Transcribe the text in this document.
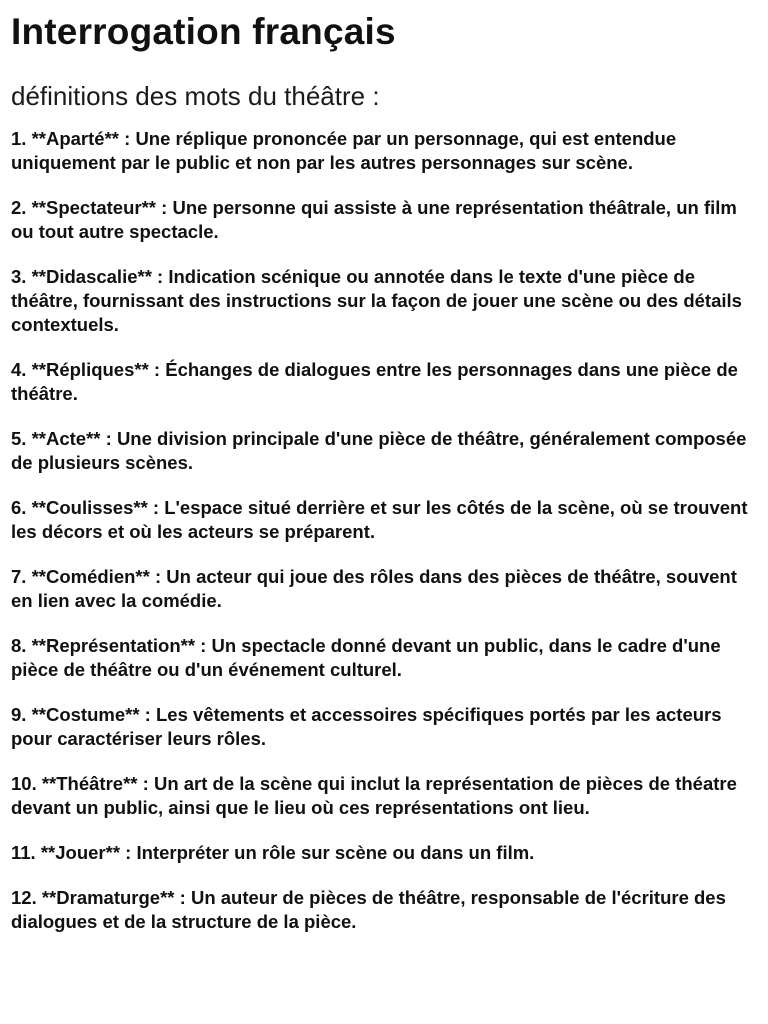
Interrogation français
définitions des mots du théâtre :
1. **Aparté** : Une réplique prononcée par un personnage, qui est entendue uniquement par le public et non par les autres personnages sur scène.
2. **Spectateur** : Une personne qui assiste à une représentation théâtrale, un film ou tout autre spectacle.
3. **Didascalie** : Indication scénique ou annotée dans le texte d'une pièce de théâtre, fournissant des instructions sur la façon de jouer une scène ou des détails contextuels.
4. **Répliques** : Échanges de dialogues entre les personnages dans une pièce de théâtre.
5. **Acte** : Une division principale d'une pièce de théâtre, généralement composée de plusieurs scènes.
6. **Coulisses** : L'espace situé derrière et sur les côtés de la scène, où se trouvent les décors et où les acteurs se préparent.
7. **Comédien** : Un acteur qui joue des rôles dans des pièces de théâtre, souvent en lien avec la comédie.
8. **Représentation** : Un spectacle donné devant un public, dans le cadre d'une pièce de théâtre ou d'un événement culturel.
9. **Costume** : Les vêtements et accessoires spécifiques portés par les acteurs pour caractériser leurs rôles.
10. **Théâtre** : Un art de la scène qui inclut la représentation de pièces de théatre devant un public, ainsi que le lieu où ces représentations ont lieu.
11. **Jouer** : Interpréter un rôle sur scène ou dans un film.
12. **Dramaturge** : Un auteur de pièces de théâtre, responsable de l'écriture des dialogues et de la structure de la pièce.
